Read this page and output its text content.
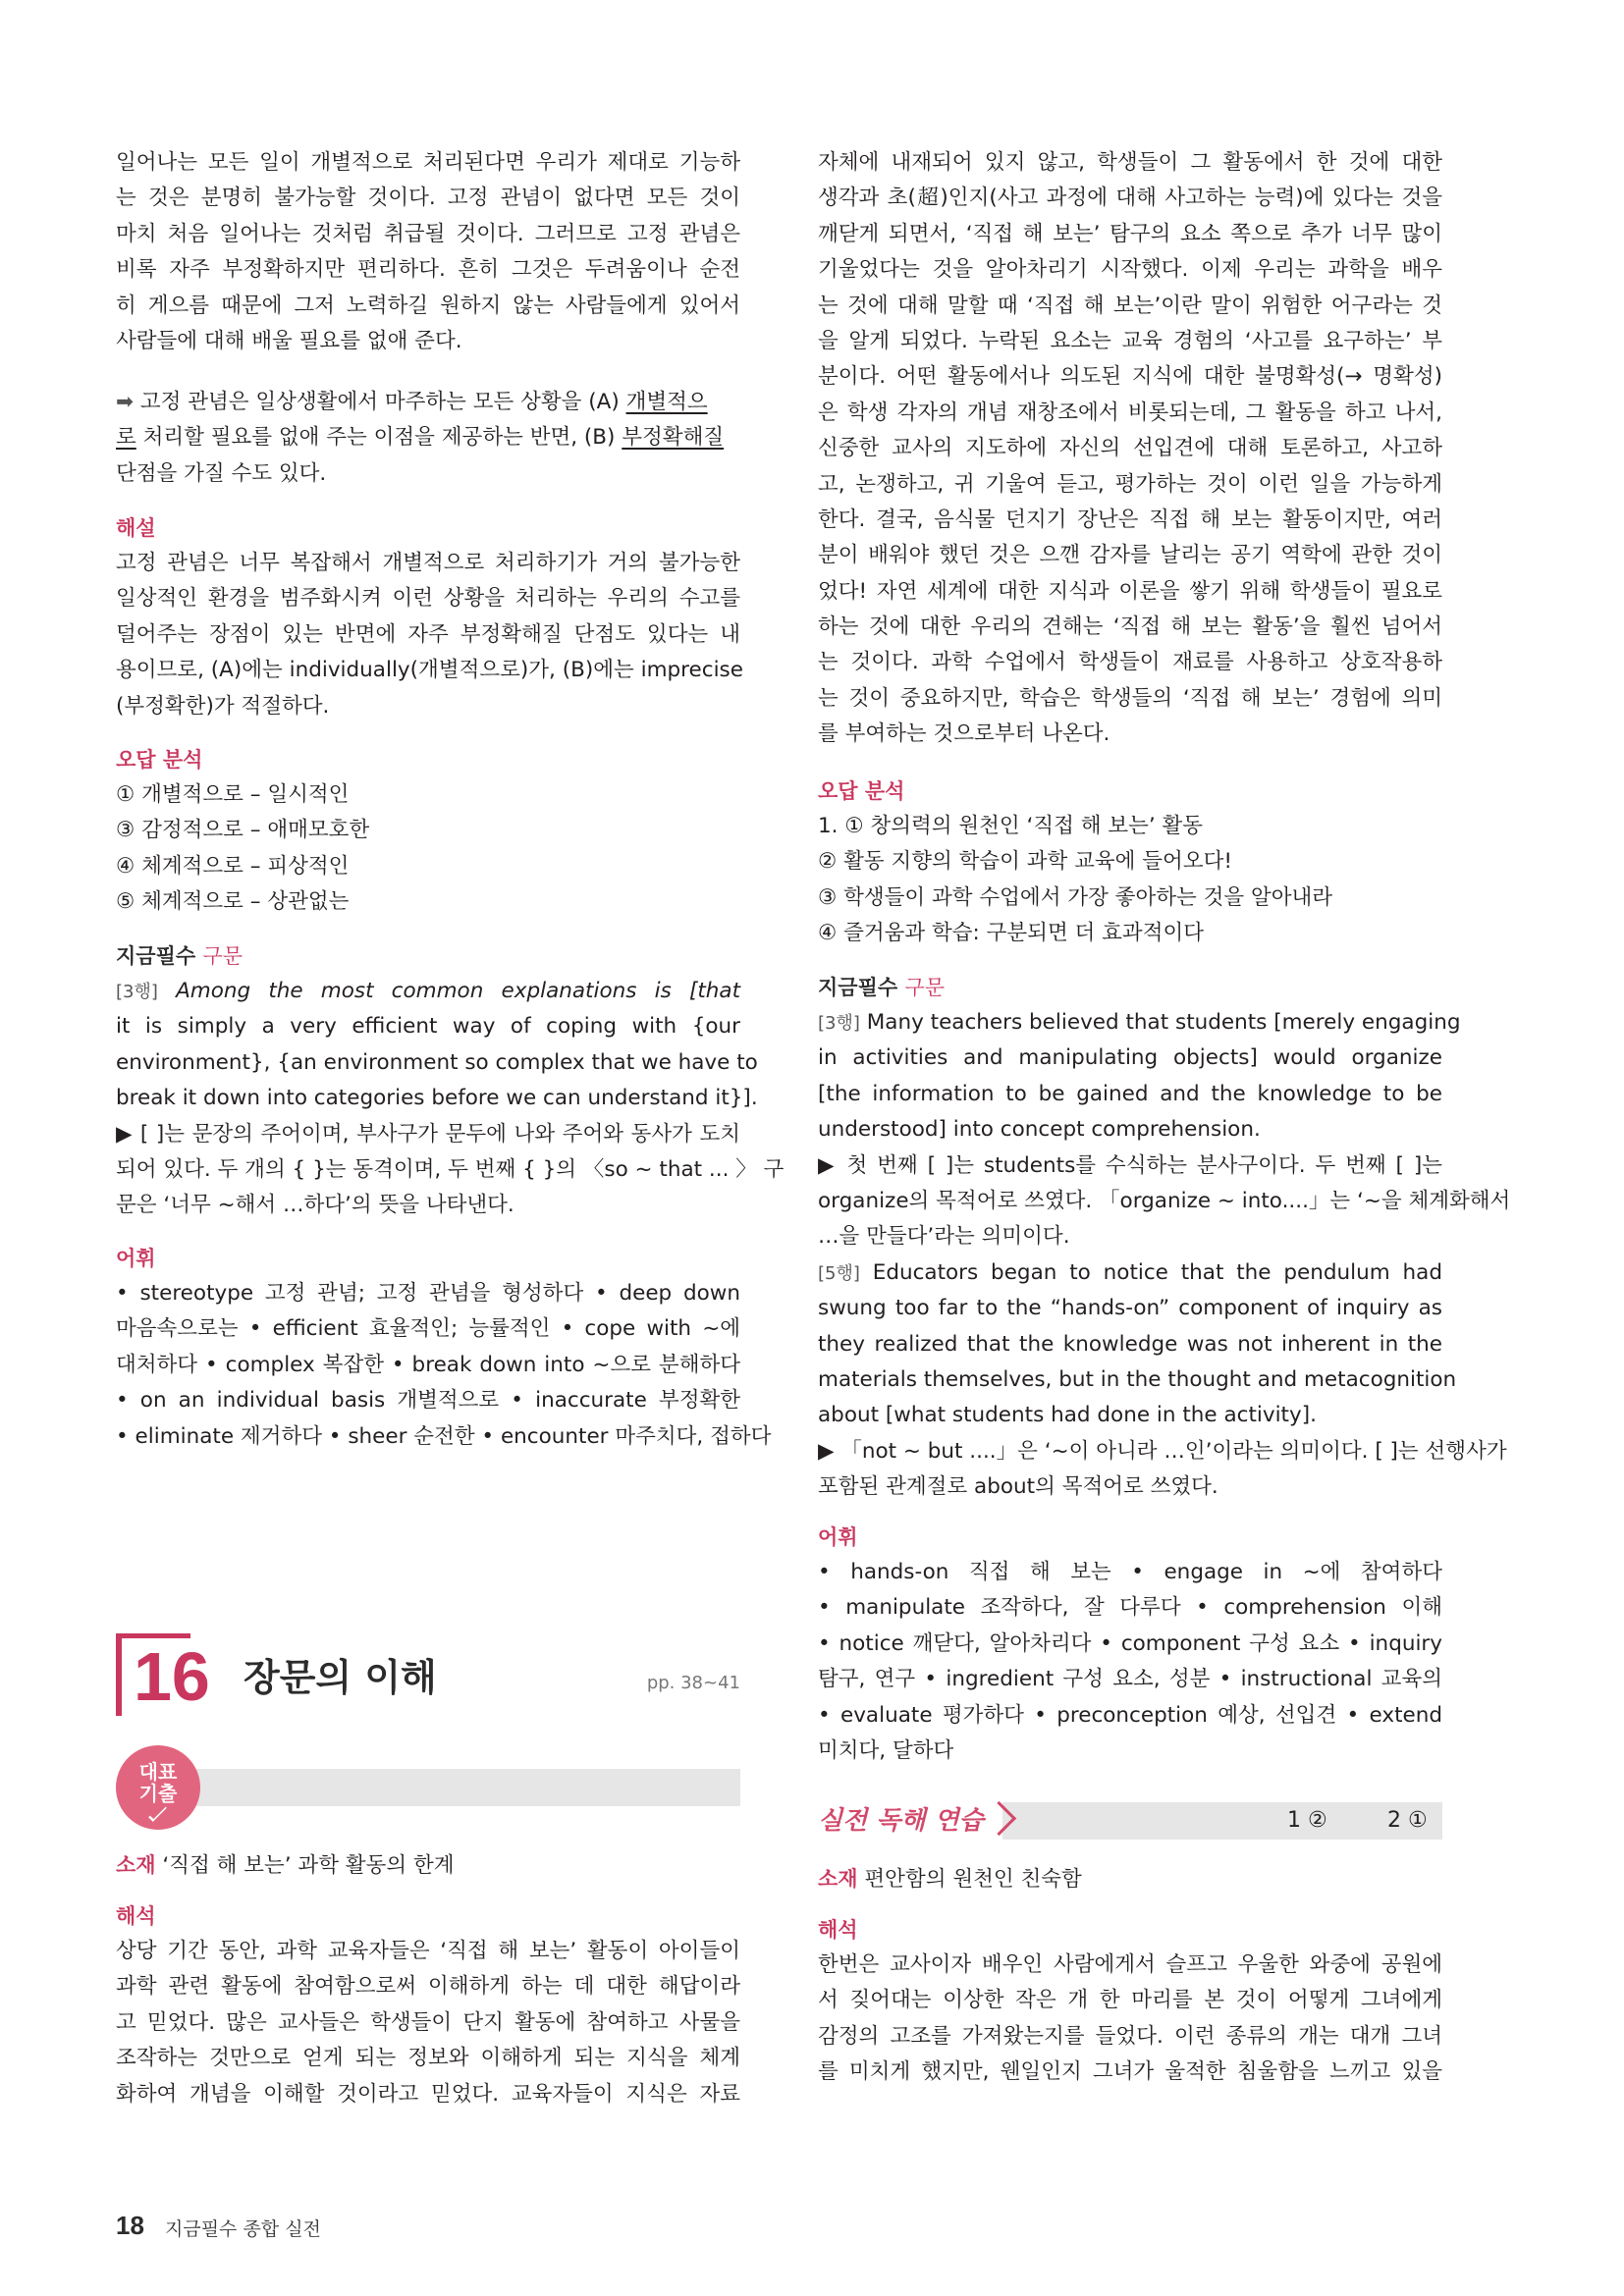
일어나는 모든 일이 개별적으로 처리된다면 우리가 제대로 기능하
는 것은 분명히 불가능할 것이다. 고정 관념이 없다면 모든 것이
마치 처음 일어나는 것처럼 취급될 것이다. 그러므로 고정 관념은
비록 자주 부정확하지만 편리하다. 흔히 그것은 두려움이나 순전
히 게으름 때문에 그저 노력하길 원하지 않는 사람들에게 있어서
사람들에 대해 배울 필요를 없애 준다.
➡ 고정 관념은 일상생활에서 마주하는 모든 상황을 (A) 개별적으
로 처리할 필요를 없애 주는 이점을 제공하는 반면, (B) 부정확해질
단점을 가질 수도 있다.
해설
고정 관념은 너무 복잡해서 개별적으로 처리하기가 거의 불가능한
일상적인 환경을 범주화시켜 이런 상황을 처리하는 우리의 수고를
덜어주는 장점이 있는 반면에 자주 부정확해질 단점도 있다는 내
용이므로, (A)에는 individually(개별적으로)가, (B)에는 imprecise
(부정확한)가 적절하다.
오답 분석
① 개별적으로 – 일시적인
③ 감정적으로 – 애매모호한
④ 체계적으로 – 피상적인
⑤ 체계적으로 – 상관없는
지금필수 구문
[3행] Among the most common explanations is [that
it is simply a very efficient way of coping with {our
environment}, {an environment so complex that we have to
break it down into categories before we can understand it}].
▶ [ ]는 문장의 주어이며, 부사구가 문두에 나와 주어와 동사가 도치
되어 있다. 두 개의 { }는 동격이며, 두 번째 { }의 〈so ~ that ... 〉 구
문은 ‘너무 ~해서 …하다’의 뜻을 나타낸다.
어휘
• stereotype 고정 관념; 고정 관념을 형성하다 • deep down
마음속으로는 • efficient 효율적인; 능률적인 • cope with ~에
대처하다 • complex 복잡한 • break down into ~으로 분해하다
• on an individual basis 개별적으로 • inaccurate 부정확한
• eliminate 제거하다 • sheer 순전한 • encounter 마주치다, 접하다
16 장문의 이해	pp. 38~41
대표
기출
소재 ‘직접 해 보는’ 과학 활동의 한계
해석
상당 기간 동안, 과학 교육자들은 ‘직접 해 보는’ 활동이 아이들이
과학 관련 활동에 참여함으로써 이해하게 하는 데 대한 해답이라
고 믿었다. 많은 교사들은 학생들이 단지 활동에 참여하고 사물을
조작하는 것만으로 얻게 되는 정보와 이해하게 되는 지식을 체계
화하여 개념을 이해할 것이라고 믿었다. 교육자들이 지식은 자료
자체에 내재되어 있지 않고, 학생들이 그 활동에서 한 것에 대한
생각과 초(超)인지(사고 과정에 대해 사고하는 능력)에 있다는 것을
깨닫게 되면서, ‘직접 해 보는’ 탐구의 요소 쪽으로 추가 너무 많이
기울었다는 것을 알아차리기 시작했다. 이제 우리는 과학을 배우
는 것에 대해 말할 때 ‘직접 해 보는’이란 말이 위험한 어구라는 것
을 알게 되었다. 누락된 요소는 교육 경험의 ‘사고를 요구하는’ 부
분이다. 어떤 활동에서나 의도된 지식에 대한 불명확성(→ 명확성)
은 학생 각자의 개념 재창조에서 비롯되는데, 그 활동을 하고 나서,
신중한 교사의 지도하에 자신의 선입견에 대해 토론하고, 사고하
고, 논쟁하고, 귀 기울여 듣고, 평가하는 것이 이런 일을 가능하게
한다. 결국, 음식물 던지기 장난은 직접 해 보는 활동이지만, 여러
분이 배워야 했던 것은 으깬 감자를 날리는 공기 역학에 관한 것이
었다! 자연 세계에 대한 지식과 이론을 쌓기 위해 학생들이 필요로
하는 것에 대한 우리의 견해는 ‘직접 해 보는 활동’을 훨씬 넘어서
는 것이다. 과학 수업에서 학생들이 재료를 사용하고 상호작용하
는 것이 중요하지만, 학습은 학생들의 ‘직접 해 보는’ 경험에 의미
를 부여하는 것으로부터 나온다.
오답 분석
1. ① 창의력의 원천인 ‘직접 해 보는’ 활동
② 활동 지향의 학습이 과학 교육에 들어오다!
③ 학생들이 과학 수업에서 가장 좋아하는 것을 알아내라
④ 즐거움과 학습: 구분되면 더 효과적이다
지금필수 구문
[3행] Many teachers believed that students [merely engaging
in activities and manipulating objects] would organize
[the information to be gained and the knowledge to be
understood] into concept comprehension.
▶ 첫 번째 [ ]는 students를 수식하는 분사구이다. 두 번째 [ ]는
organize의 목적어로 쓰였다. 「organize ~ into....」는 ‘~을 체계화해서
…을 만들다’라는 의미이다.
[5행] Educators began to notice that the pendulum had
swung too far to the “hands-on” component of inquiry as
they realized that the knowledge was not inherent in the
materials themselves, but in the thought and metacognition
about [what students had done in the activity].
▶ 「not ~ but ....」은 ‘~이 아니라 …인’이라는 의미이다. [ ]는 선행사가
포함된 관계절로 about의 목적어로 쓰였다.
어휘
• hands-on 직접 해 보는 • engage in ~에 참여하다
• manipulate 조작하다, 잘 다루다 • comprehension 이해
• notice 깨닫다, 알아차리다 • component 구성 요소 • inquiry
탐구, 연구 • ingredient 구성 요소, 성분 • instructional 교육의
• evaluate 평가하다 • preconception 예상, 선입견 • extend
미치다, 달하다
실전 독해 연습	1 ②	2 ①
소재 편안함의 원천인 친숙함
해석
한번은 교사이자 배우인 사람에게서 슬프고 우울한 와중에 공원에
서 짖어대는 이상한 작은 개 한 마리를 본 것이 어떻게 그녀에게
감정의 고조를 가져왔는지를 들었다. 이런 종류의 개는 대개 그녀
를 미치게 했지만, 웬일인지 그녀가 울적한 침울함을 느끼고 있을
18 지금필수 종합 실전
